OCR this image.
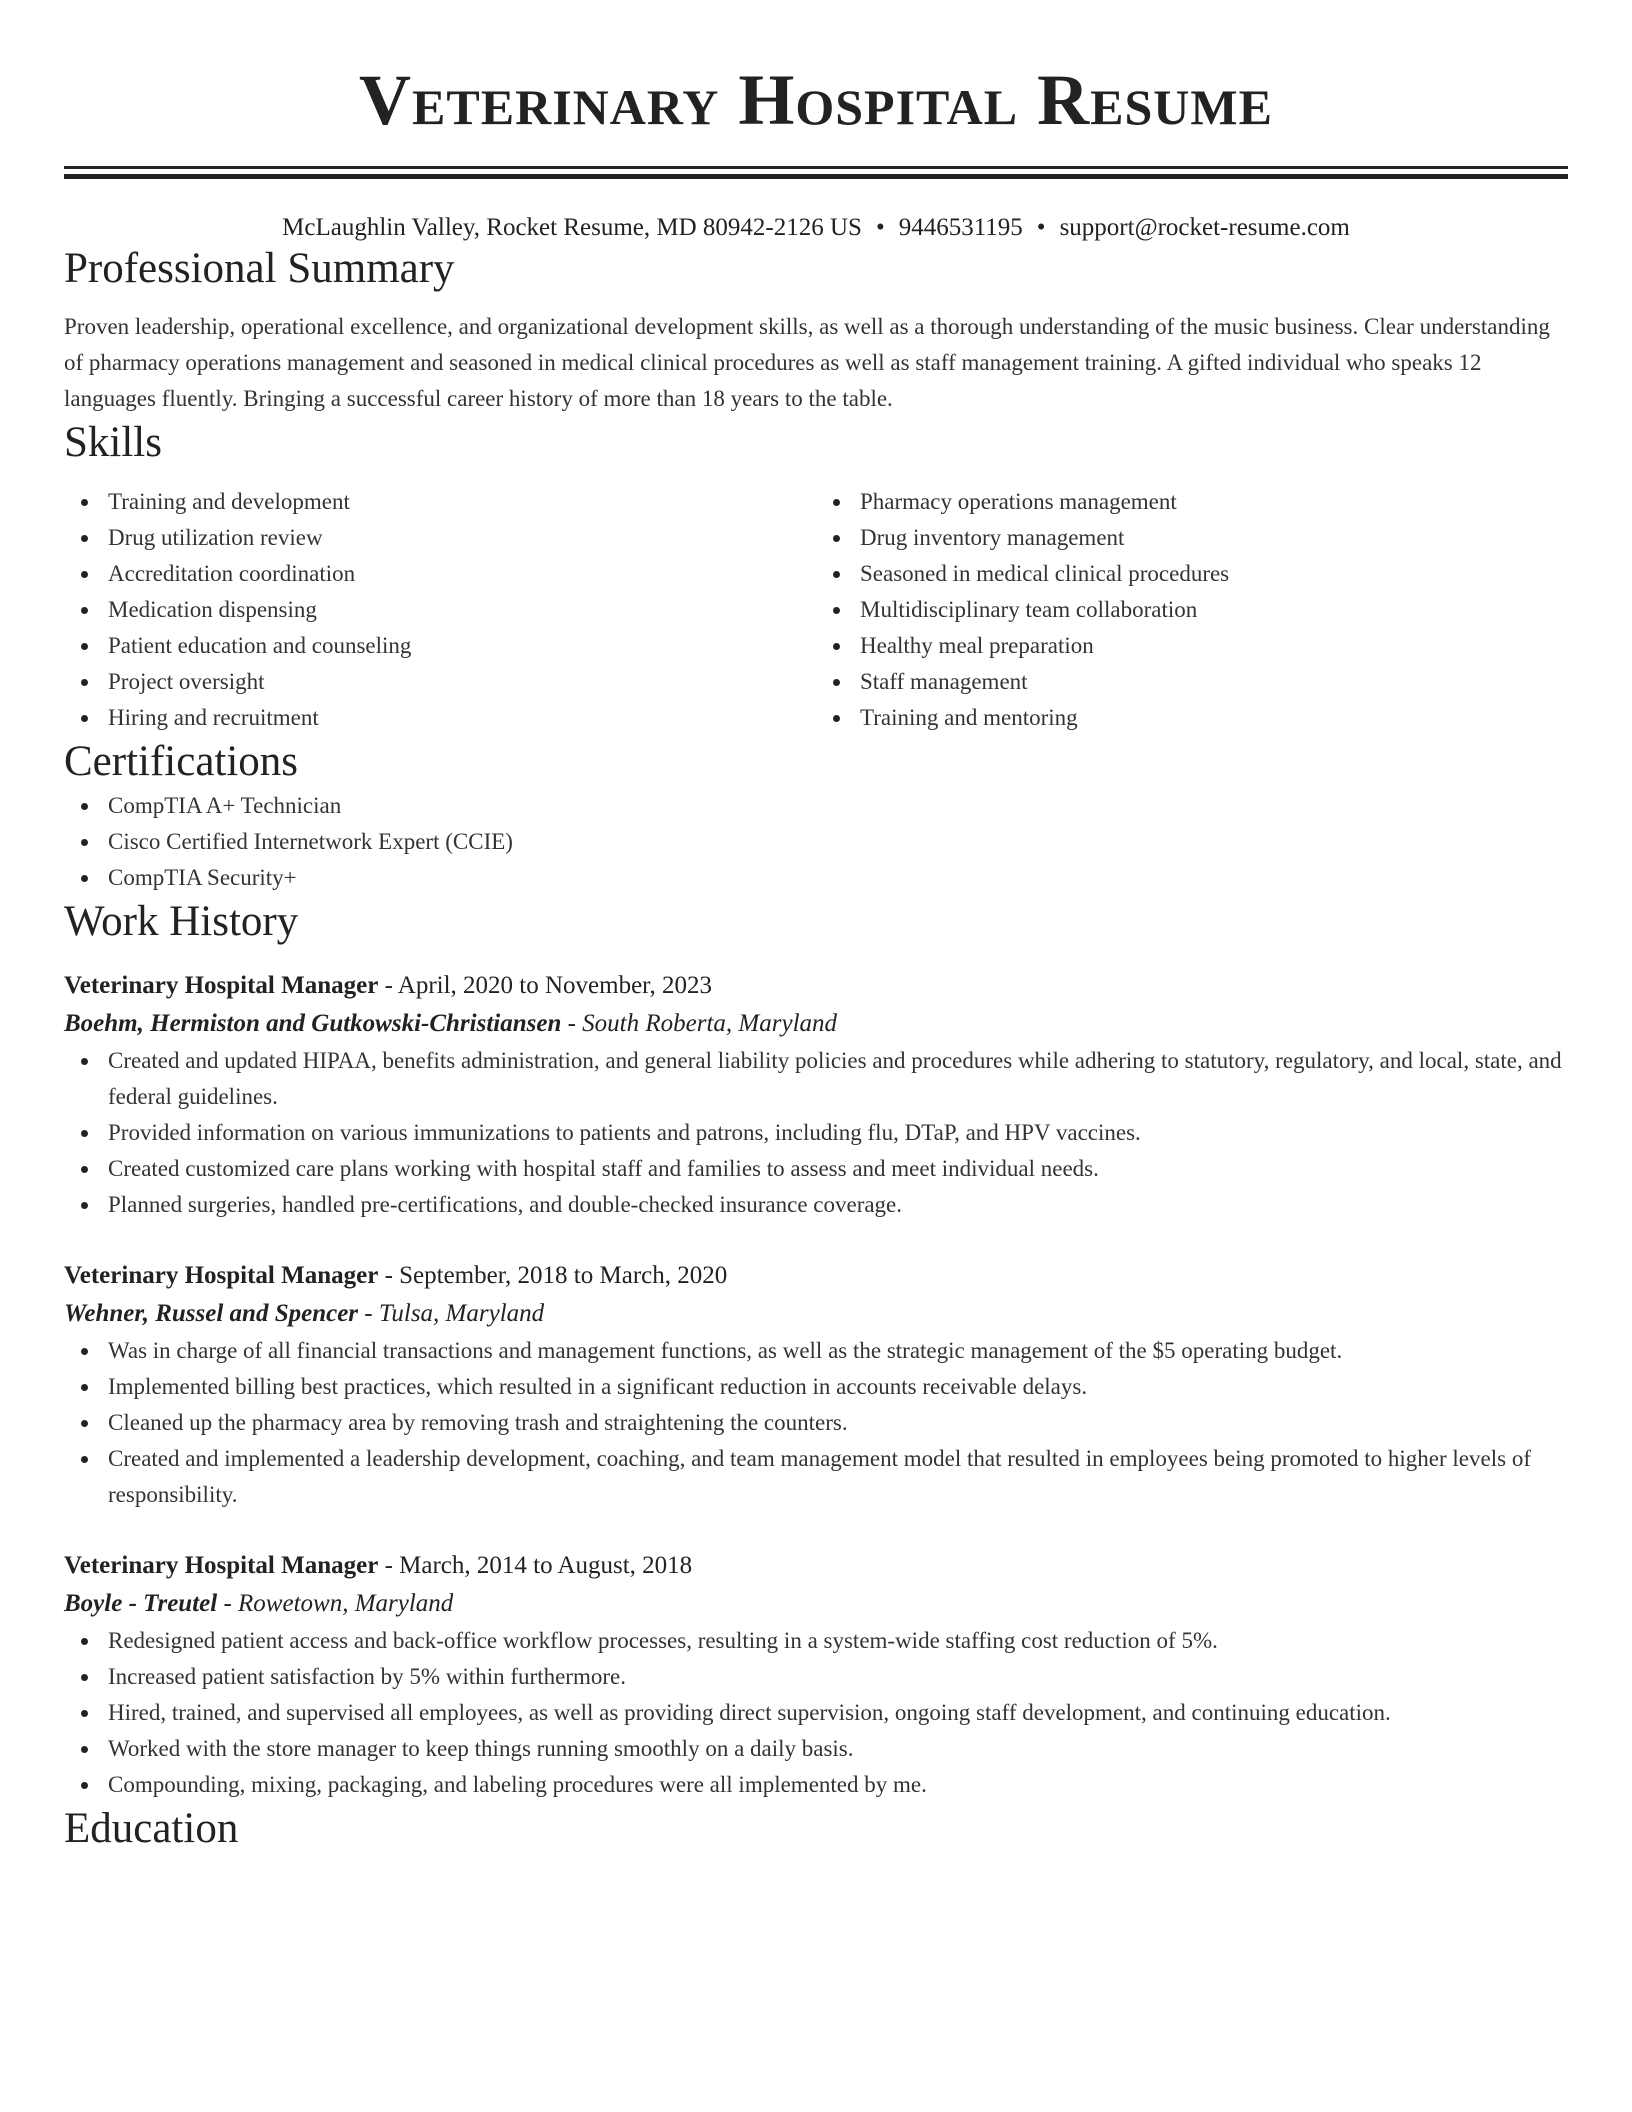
Veterinary Hospital Resume
McLaughlin Valley, Rocket Resume, MD 80942-2126 US • 9446531195 • support@rocket-resume.com
Professional Summary

Proven leadership, operational excellence, and organizational development skills, as well as a thorough understanding of the music business. Clear understanding of pharmacy operations management and seasoned in medical clinical procedures as well as staff management training. A gifted individual who speaks 12 languages fluently. Bringing a successful career history of more than 18 years to the table.

Skills
Training and development
Drug utilization review
Accreditation coordination
Medication dispensing
Patient education and counseling
Project oversight
Hiring and recruitment
Pharmacy operations management
Drug inventory management
Seasoned in medical clinical procedures
Multidisciplinary team collaboration
Healthy meal preparation
Staff management
Training and mentoring
Certifications
CompTIA A+ Technician
Cisco Certified Internetwork Expert (CCIE)
CompTIA Security+
Work History
Veterinary Hospital Manager - April, 2020 to November, 2023
Boehm, Hermiston and Gutkowski-Christiansen - South Roberta, Maryland
Created and updated HIPAA, benefits administration, and general liability policies and procedures while adhering to statutory, regulatory, and local, state, and federal guidelines.
Provided information on various immunizations to patients and patrons, including flu, DTaP, and HPV vaccines.
Created customized care plans working with hospital staff and families to assess and meet individual needs.
Planned surgeries, handled pre-certifications, and double-checked insurance coverage.
Veterinary Hospital Manager - September, 2018 to March, 2020
Wehner, Russel and Spencer - Tulsa, Maryland
Was in charge of all financial transactions and management functions, as well as the strategic management of the $5 operating budget.
Implemented billing best practices, which resulted in a significant reduction in accounts receivable delays.
Cleaned up the pharmacy area by removing trash and straightening the counters.
Created and implemented a leadership development, coaching, and team management model that resulted in employees being promoted to higher levels of responsibility.
Veterinary Hospital Manager - March, 2014 to August, 2018
Boyle - Treutel - Rowetown, Maryland
Redesigned patient access and back-office workflow processes, resulting in a system-wide staffing cost reduction of 5%.
Increased patient satisfaction by 5% within furthermore.
Hired, trained, and supervised all employees, as well as providing direct supervision, ongoing staff development, and continuing education.
Worked with the store manager to keep things running smoothly on a daily basis.
Compounding, mixing, packaging, and labeling procedures were all implemented by me.
Education
